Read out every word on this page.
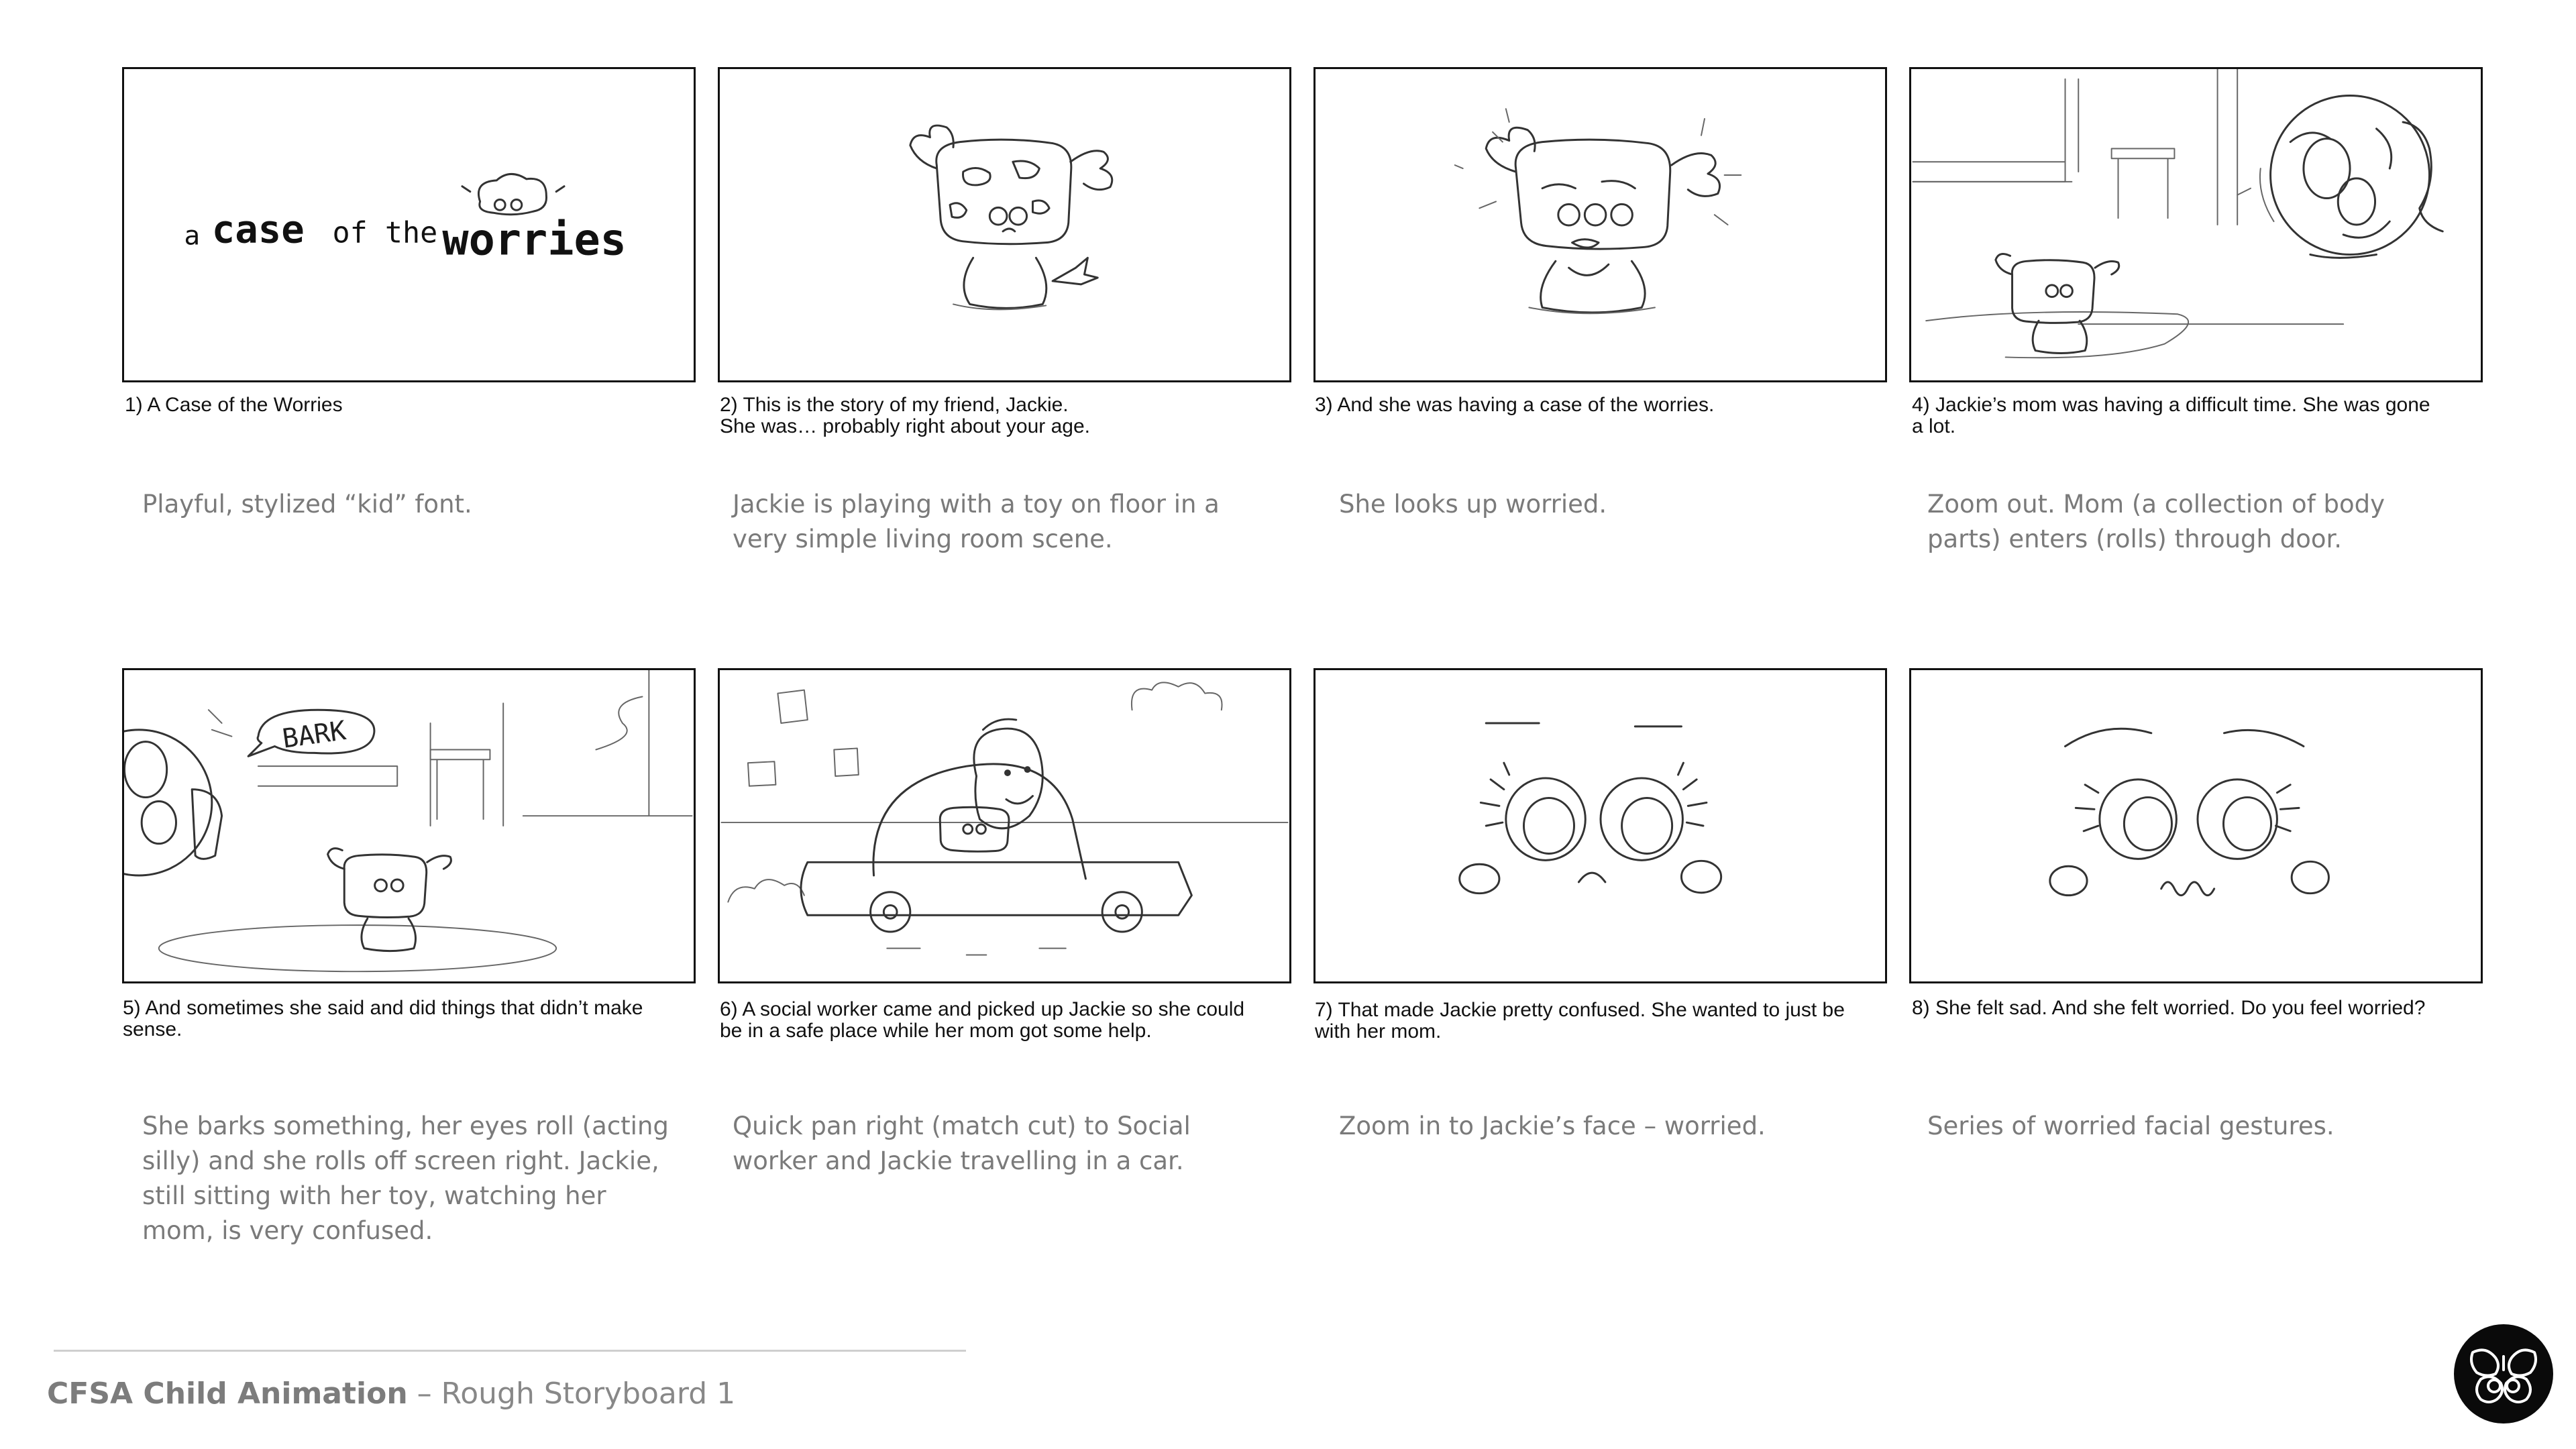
a case of the worries
1) A Case of the Worries
Playful, stylized “kid” font.
2) This is the story of my friend, Jackie.
She was… probably right about your age.
Jackie is playing with a toy on floor in a very simple living room scene.
3) And she was having a case of the worries.
She looks up worried.
4) Jackie’s mom was having a difficult time. She was gone
a lot.
Zoom out. Mom (a collection of body parts) enters (rolls) through door.
BARK
5) And sometimes she said and did things that didn’t make
sense.
She barks something, her eyes roll (acting silly) and she rolls off screen right. Jackie, still sitting with her toy, watching her mom, is very confused.
6) A social worker came and picked up Jackie so she could
be in a safe place while her mom got some help.
Quick pan right (match cut) to Social worker and Jackie travelling in a car.
7) That made Jackie pretty confused. She wanted to just be
with her mom.
Zoom in to Jackie’s face – worried.
8) She felt sad. And she felt worried. Do you feel worried?
Series of worried facial gestures.
CFSA Child Animation – Rough Storyboard 1
